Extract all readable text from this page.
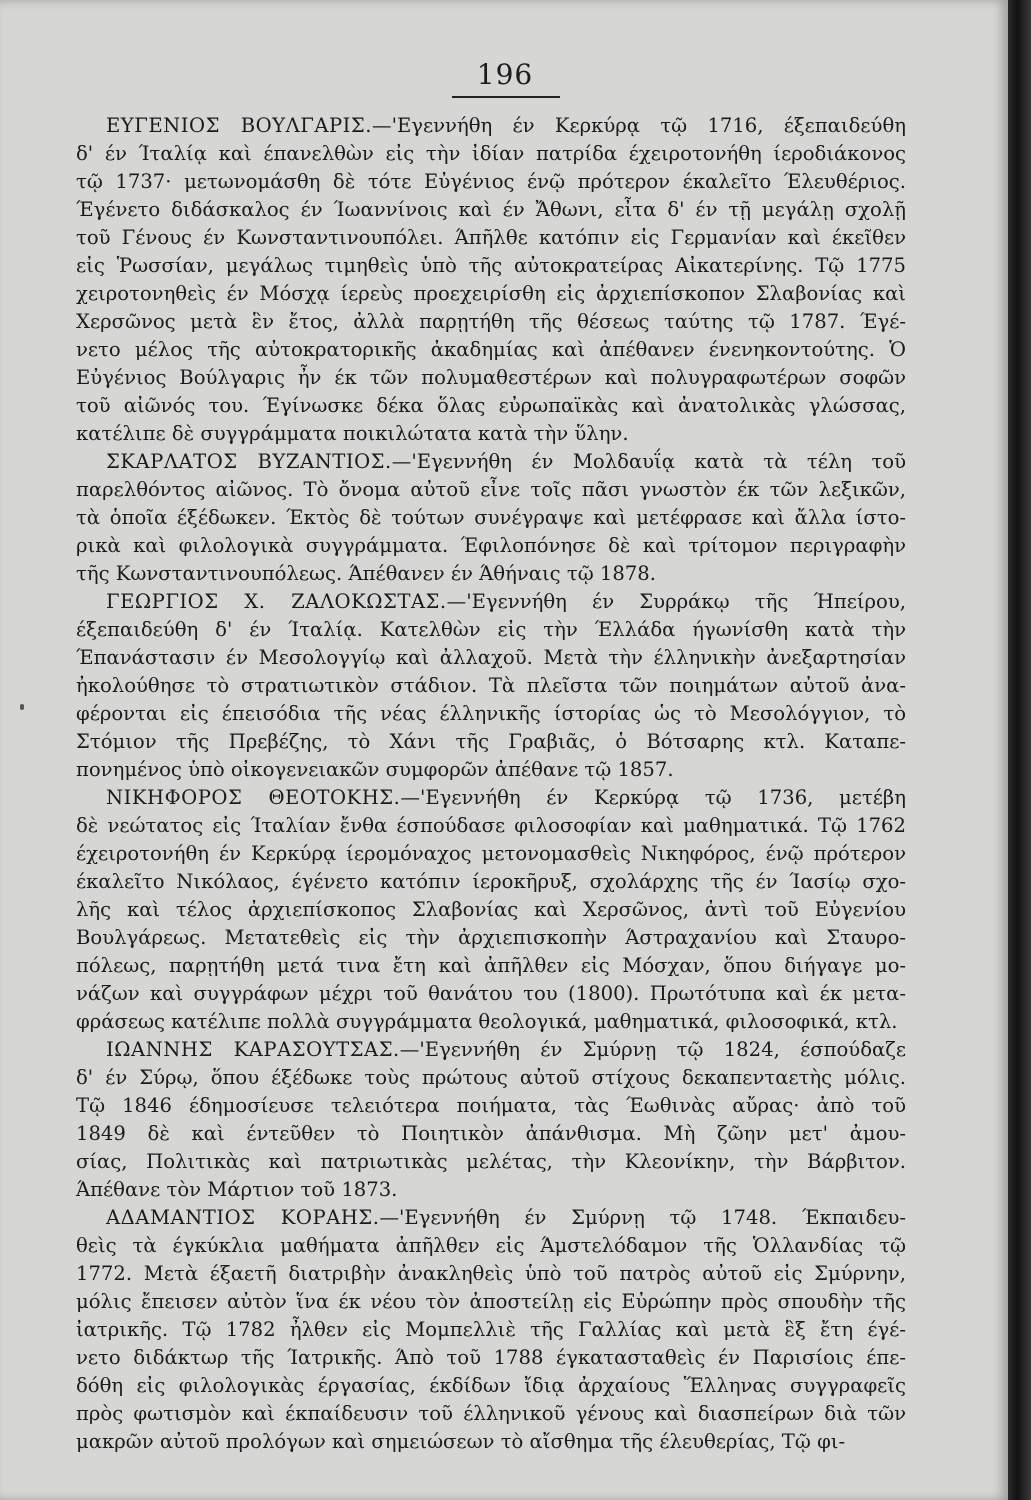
196
ΕΥΓΕΝΙΟΣ ΒΟΥΛΓΑΡΙΣ.—'Εγεννήθη έν Κερκύρᾳ τῷ 1716, έξεπαιδεύθη
δ' έν Ίταλίᾳ καὶ έπανελθὼν εἰς τὴν ἰδίαν πατρίδα έχειροτονήθη ίεροδιάκονος
τῷ 1737· μετωνομάσθη δὲ τότε Εὐγένιος ένῷ πρότερον έκαλεῖτο Έλευθέριος.
Έγένετο διδάσκαλος έν Ίωαννίνοις καὶ έν Ἄθωνι, εἶτα δ' έν τῇ μεγάλῃ σχολῇ
τοῦ Γένους έν Κωνσταντινουπόλει. Άπῆλθε κατόπιν εἰς Γερμανίαν καὶ έκεῖθεν
εἰς Ῥωσσίαν, μεγάλως τιμηθεὶς ὑπὸ τῆς αὐτοκρατείρας Αἰκατερίνης. Τῷ 1775
χειροτονηθεὶς έν Μόσχᾳ ίερεὺς προεχειρίσθη εἰς ἀρχιεπίσκοπον Σλαβονίας καὶ
Χερσῶνος μετὰ ἓν ἔτος, ἀλλὰ παρῃτήθη τῆς θέσεως ταύτης τῷ 1787. Έγέ-
νετο μέλος τῆς αὐτοκρατορικῆς ἀκαδημίας καὶ ἀπέθανεν ένενηκοντούτης. Ὁ
Εὐγένιος Βούλγαρις ἦν έκ τῶν πολυμαθεστέρων καὶ πολυγραφωτέρων σοφῶν
τοῦ αἰῶνός του. Έγίνωσκε δέκα ὅλας εὐρωπαϊκὰς καὶ ἀνατολικὰς γλώσσας,
κατέλιπε δὲ συγγράμματα ποικιλώτατα κατὰ τὴν ὕλην.
ΣΚΑΡΛΑΤΟΣ ΒΥΖΑΝΤΙΟΣ.—'Εγεννήθη έν Μολδαυΐᾳ κατὰ τὰ τέλη τοῦ
παρελθόντος αἰῶνος. Τὸ ὄνομα αὐτοῦ εἶνε τοῖς πᾶσι γνωστὸν έκ τῶν λεξικῶν,
τὰ ὁποῖα έξέδωκεν. Έκτὸς δὲ τούτων συνέγραψε καὶ μετέφρασε καὶ ἄλλα ίστο-
ρικὰ καὶ φιλολογικὰ συγγράμματα. Έφιλοπόνησε δὲ καὶ τρίτομον περιγραφὴν
τῆς Κωνσταντινουπόλεως. Άπέθανεν έν Άθήναις τῷ 1878.
ΓΕΩΡΓΙΟΣ Χ. ΖΑΛΟΚΩΣΤΑΣ.—'Εγεννήθη έν Συρράκῳ τῆς Ήπείρου,
έξεπαιδεύθη δ' έν Ίταλίᾳ. Κατελθὼν εἰς τὴν Έλλάδα ήγωνίσθη κατὰ τὴν
Έπανάστασιν έν Μεσολογγίῳ καὶ ἀλλαχοῦ. Μετὰ τὴν έλληνικὴν ἀνεξαρτησίαν
ἠκολούθησε τὸ στρατιωτικὸν στάδιον. Τὰ πλεῖστα τῶν ποιημάτων αὐτοῦ ἀνα-
φέρονται εἰς έπεισόδια τῆς νέας έλληνικῆς ίστορίας ὡς τὸ Μεσολόγγιον, τὸ
Στόμιον τῆς Πρεβέζης, τὸ Χάνι τῆς Γραβιᾶς, ὁ Βότσαρης κτλ. Καταπε-
πονημένος ὑπὸ οἰκογενειακῶν συμφορῶν ἀπέθανε τῷ 1857.
ΝΙΚΗΦΟΡΟΣ ΘΕΟΤΟΚΗΣ.—'Εγεννήθη έν Κερκύρᾳ τῷ 1736, μετέβη
δὲ νεώτατος εἰς Ίταλίαν ἔνθα έσπούδασε φιλοσοφίαν καὶ μαθηματικά. Τῷ 1762
έχειροτονήθη έν Κερκύρᾳ ίερομόναχος μετονομασθεὶς Νικηφόρος, ένῷ πρότερον
έκαλεῖτο Νικόλαος, έγένετο κατόπιν ίεροκῆρυξ, σχολάρχης τῆς έν Ίασίῳ σχο-
λῆς καὶ τέλος ἀρχιεπίσκοπος Σλαβονίας καὶ Χερσῶνος, ἀντὶ τοῦ Εὐγενίου
Βουλγάρεως. Μετατεθεὶς εἰς τὴν ἀρχιεπισκοπὴν Άστραχανίου καὶ Σταυρο-
πόλεως, παρῃτήθη μετά τινα ἔτη καὶ ἀπῆλθεν εἰς Μόσχαν, ὅπου διήγαγε μο-
νάζων καὶ συγγράφων μέχρι τοῦ θανάτου του (1800). Πρωτότυπα καὶ έκ μετα-
φράσεως κατέλιπε πολλὰ συγγράμματα θεολογικά, μαθηματικά, φιλοσοφικά, κτλ.
ΙΩΑΝΝΗΣ ΚΑΡΑΣΟΥΤΣΑΣ.—'Εγεννήθη έν Σμύρνῃ τῷ 1824, έσπούδαζε
δ' έν Σύρῳ, ὅπου έξέδωκε τοὺς πρώτους αὐτοῦ στίχους δεκαπενταετὴς μόλις.
Τῷ 1846 έδημοσίευσε τελειότερα ποιήματα, τὰς Έωθινὰς αὔρας· ἀπὸ τοῦ
1849 δὲ καὶ έντεῦθεν τὸ Ποιητικὸν ἀπάνθισμα. Μὴ ζῶην μετ' ἀμου-
σίας, Πολιτικὰς καὶ πατριωτικὰς μελέτας, τὴν Κλεονίκην, τὴν Βάρβιτον.
Άπέθανε τὸν Μάρτιον τοῦ 1873.
ΑΔΑΜΑΝΤΙΟΣ ΚΟΡΑΗΣ.—'Εγεννήθη έν Σμύρνῃ τῷ 1748. Έκπαιδευ-
θεὶς τὰ έγκύκλια μαθήματα ἀπῆλθεν εἰς Άμστελόδαμον τῆς Ὁλλανδίας τῷ
1772. Μετὰ έξαετῆ διατριβὴν ἀνακληθεὶς ὑπὸ τοῦ πατρὸς αὐτοῦ εἰς Σμύρνην,
μόλις ἔπεισεν αὐτὸν ἵνα έκ νέου τὸν ἀποστείλῃ εἰς Εὐρώπην πρὸς σπουδὴν τῆς
ἰατρικῆς. Τῷ 1782 ἦλθεν εἰς Μομπελλιὲ τῆς Γαλλίας καὶ μετὰ ἓξ ἔτη έγέ-
νετο διδάκτωρ τῆς Ίατρικῆς. Άπὸ τοῦ 1788 έγκατασταθεὶς έν Παρισίοις έπε-
δόθη εἰς φιλολογικὰς έργασίας, έκδίδων ἴδιᾳ ἀρχαίους Ἕλληνας συγγραφεῖς
πρὸς φωτισμὸν καὶ έκπαίδευσιν τοῦ έλληνικοῦ γένους καὶ διασπείρων διὰ τῶν
μακρῶν αὐτοῦ προλόγων καὶ σημειώσεων τὸ αἴσθημα τῆς έλευθερίας, Τῷ φι-
